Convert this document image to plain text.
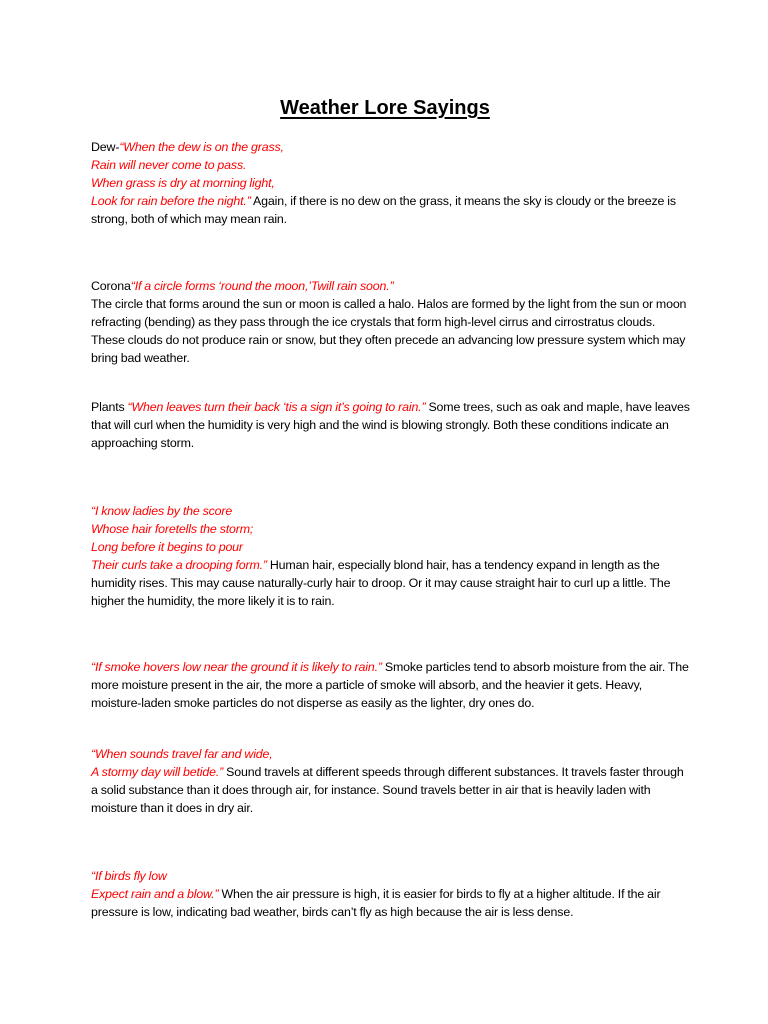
Weather Lore Sayings
Dew-“When the dew is on the grass,
Rain will never come to pass.
When grass is dry at morning light,
Look for rain before the night.” Again, if there is no dew on the grass, it means the sky is cloudy or the breeze is strong, both of which may mean rain.
Corona“If a circle forms ‘round the moon,’Twill rain soon.”
The circle that forms around the sun or moon is called a halo. Halos are formed by the light from the sun or moon refracting (bending) as they pass through the ice crystals that form high-level cirrus and cirrostratus clouds. These clouds do not produce rain or snow, but they often precede an advancing low pressure system which may bring bad weather.
Plants “When leaves turn their back ‘tis a sign it’s going to rain.” Some trees, such as oak and maple, have leaves that will curl when the humidity is very high and the wind is blowing strongly. Both these conditions indicate an approaching storm.
“I know ladies by the score
Whose hair foretells the storm;
Long before it begins to pour
Their curls take a drooping form.” Human hair, especially blond hair, has a tendency expand in length as the humidity rises. This may cause naturally-curly hair to droop. Or it may cause straight hair to curl up a little. The higher the humidity, the more likely it is to rain.
“If smoke hovers low near the ground it is likely to rain.” Smoke particles tend to absorb moisture from the air. The more moisture present in the air, the more a particle of smoke will absorb, and the heavier it gets. Heavy, moisture-laden smoke particles do not disperse as easily as the lighter, dry ones do.
“When sounds travel far and wide,
A stormy day will betide.” Sound travels at different speeds through different substances. It travels faster through a solid substance than it does through air, for instance. Sound travels better in air that is heavily laden with moisture than it does in dry air.
“If birds fly low
Expect rain and a blow.” When the air pressure is high, it is easier for birds to fly at a higher altitude. If the air pressure is low, indicating bad weather, birds can’t fly as high because the air is less dense.
